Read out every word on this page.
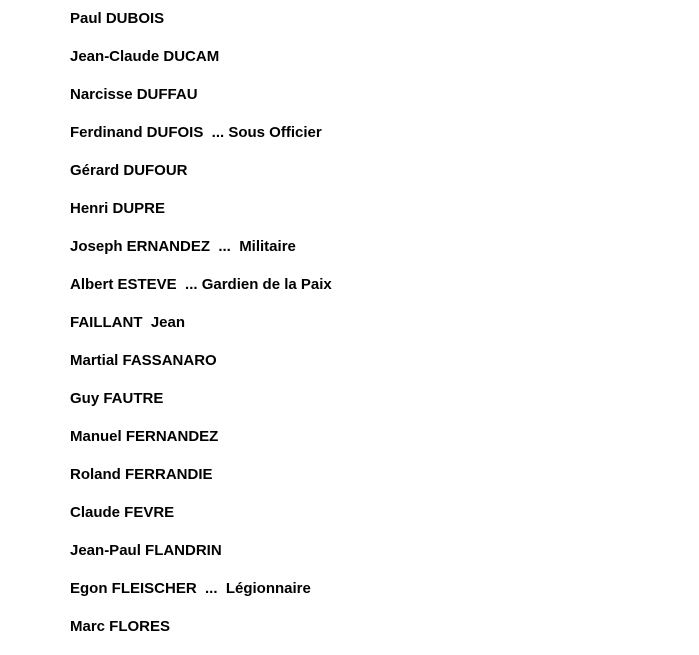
Paul DUBOIS
Jean-Claude DUCAM
Narcisse DUFFAU
Ferdinand DUFOIS  ... Sous Officier
Gérard DUFOUR
Henri DUPRE
Joseph ERNANDEZ  ...  Militaire
Albert ESTEVE  ... Gardien de la Paix
FAILLANT  Jean
Martial FASSANARO
Guy FAUTRE
Manuel FERNANDEZ
Roland FERRANDIE
Claude FEVRE
Jean-Paul FLANDRIN
Egon FLEISCHER  ...  Légionnaire
Marc FLORES
